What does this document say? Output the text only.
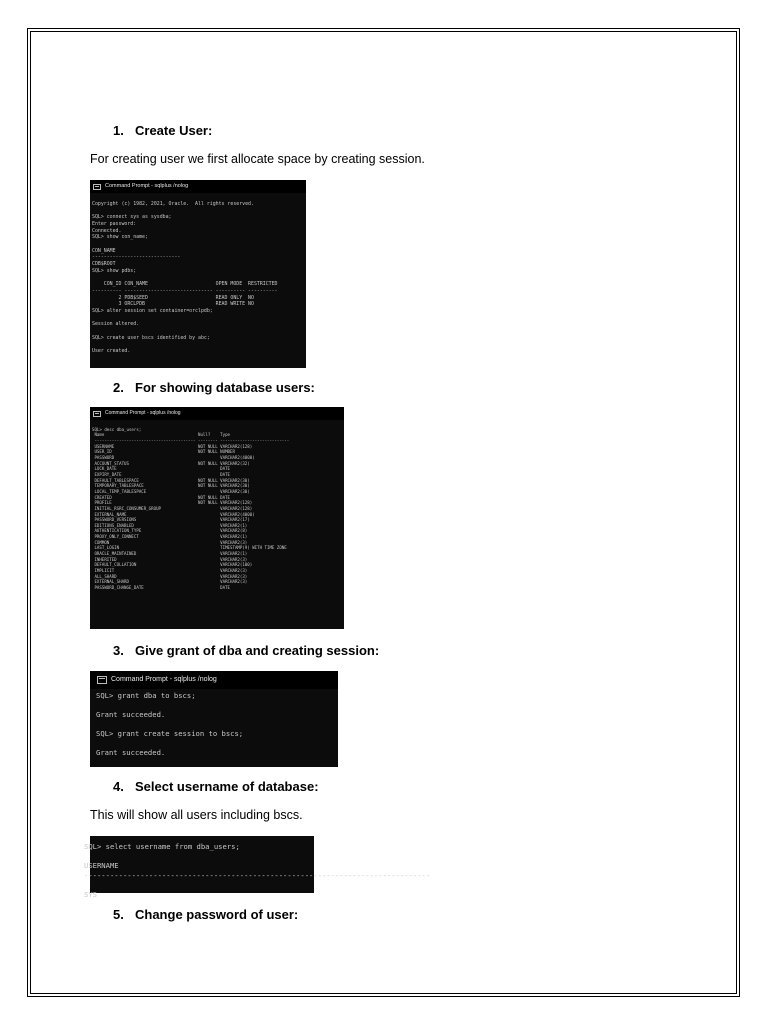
1. Create User:
For creating user we first allocate space by creating session.
Command Prompt - sqlplus /nolog

Copyright (c) 1982, 2021, Oracle.  All rights reserved.

SQL> connect sys as sysdba;
Enter password:
Connected.
SQL> show con_name;

CON_NAME
------------------------------
CDB$ROOT
SQL> show pdbs;

CON_ID CON_NAME                       OPEN MODE  RESTRICTED
---------- ------------------------------ ---------- ----------
2 PDB$SEED                       READ ONLY  NO
3 ORCLPDB                        READ WRITE NO
SQL> alter session set container=orclpdb;

Session altered.

SQL> create user bscs identified by abc;

User created.
2. For showing database users:
Command Prompt - sqlplus /nolog

SQL> desc dba_users;
Name                                      Null?    Type
----------------------------------------- -------- ----------------------------
USERNAME                                  NOT NULL VARCHAR2(128)
USER_ID                                   NOT NULL NUMBER
PASSWORD                                           VARCHAR2(4000)
ACCOUNT_STATUS                            NOT NULL VARCHAR2(32)
LOCK_DATE                                          DATE
EXPIRY_DATE                                        DATE
DEFAULT_TABLESPACE                        NOT NULL VARCHAR2(30)
TEMPORARY_TABLESPACE                      NOT NULL VARCHAR2(30)
LOCAL_TEMP_TABLESPACE                              VARCHAR2(30)
CREATED                                   NOT NULL DATE
PROFILE                                   NOT NULL VARCHAR2(128)
INITIAL_RSRC_CONSUMER_GROUP                        VARCHAR2(128)
EXTERNAL_NAME                                      VARCHAR2(4000)
PASSWORD_VERSIONS                                  VARCHAR2(17)
EDITIONS_ENABLED                                   VARCHAR2(1)
AUTHENTICATION_TYPE                                VARCHAR2(8)
PROXY_ONLY_CONNECT                                 VARCHAR2(1)
COMMON                                             VARCHAR2(3)
LAST_LOGIN                                         TIMESTAMP(9) WITH TIME ZONE
ORACLE_MAINTAINED                                  VARCHAR2(1)
INHERITED                                          VARCHAR2(3)
DEFAULT_COLLATION                                  VARCHAR2(100)
IMPLICIT                                           VARCHAR2(3)
ALL_SHARD                                          VARCHAR2(3)
EXTERNAL_SHARD                                     VARCHAR2(3)
PASSWORD_CHANGE_DATE                               DATE
3. Give grant of dba and creating session:
Command Prompt - sqlplus /nolog
SQL> grant dba to bscs;

Grant succeeded.

SQL> grant create session to bscs;

Grant succeeded.
4. Select username of database:
This will show all users including bscs.
SQL> select username from dba_users;

USERNAME
--------------------------------------------------------------------------------

SYS
5. Change password of user:
